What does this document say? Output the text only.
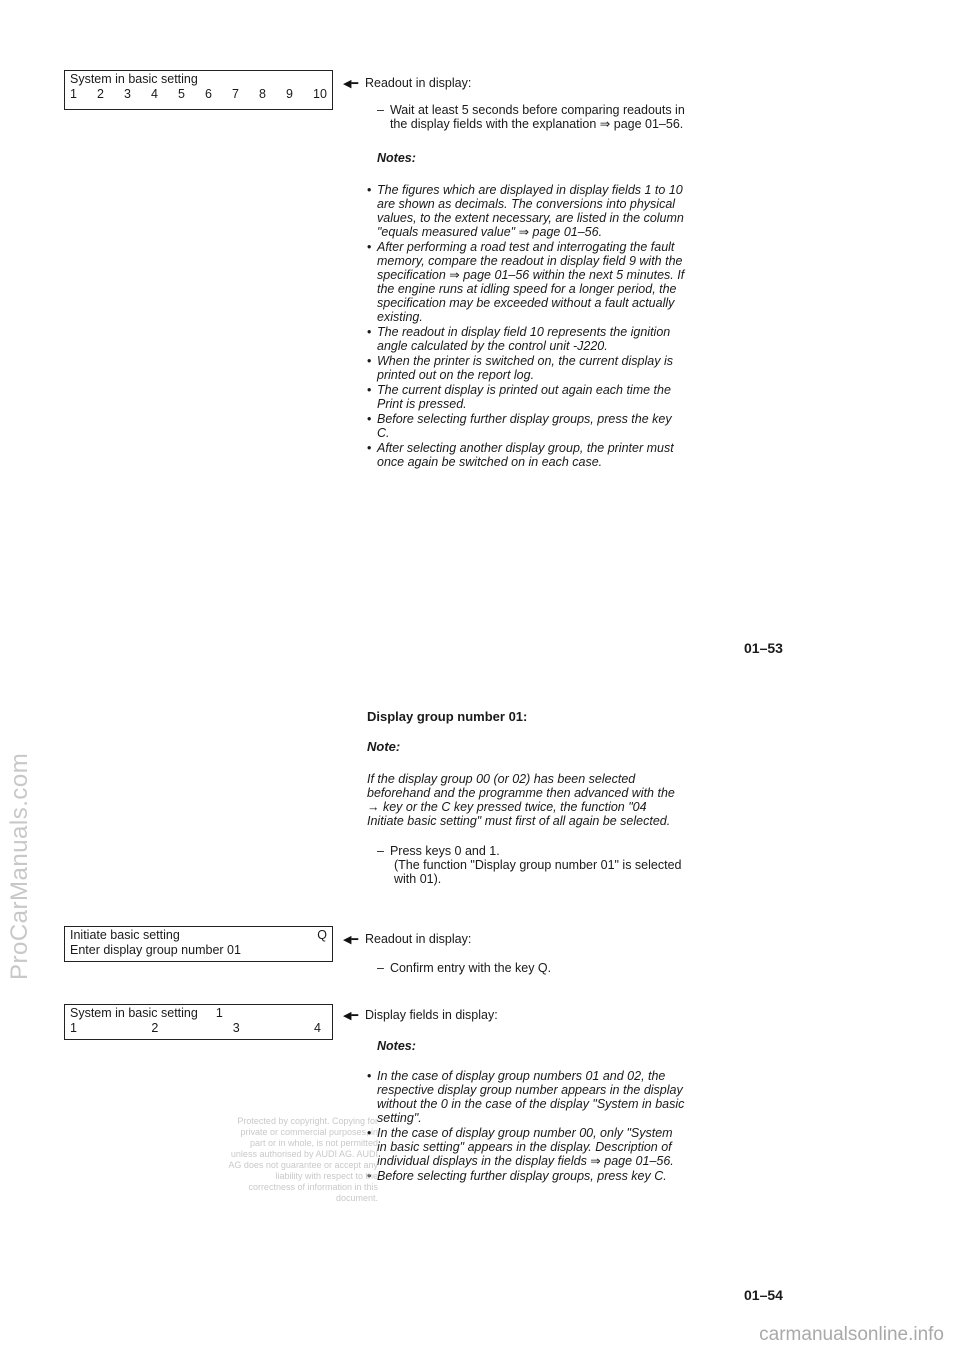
ProCarManuals.com
System in basic setting
1 2 3 4 5 6 7 8 9 10
◀━ Readout in display:
– Wait at least 5 seconds before comparing readouts in the display fields with the explanation ⇒ page 01–56.
Notes:
• The figures which are displayed in display fields 1 to 10 are shown as decimals. The conversions into physical values, to the extent necessary, are listed in the column "equals measured value" ⇒ page 01–56.
• After performing a road test and interrogating the fault memory, compare the readout in display field 9 with the specification ⇒ page 01–56 within the next 5 minutes. If the engine runs at idling speed for a longer period, the specification may be exceeded without a fault actually existing.
• The readout in display field 10 represents the ignition angle calculated by the control unit -J220.
• When the printer is switched on, the current display is printed out on the report log.
• The current display is printed out again each time the Print is pressed.
• Before selecting further display groups, press the key C.
• After selecting another display group, the printer must once again be switched on in each case.
01–53
Display group number 01:
Note:

If the display group 00 (or 02) has been selected beforehand and the programme then advanced with the → key or the C key pressed twice, the function "04 Initiate basic setting" must first of all again be selected.

– Press keys 0 and 1.
(The function "Display group number 01" is selected with 01).
Initiate basic setting	Q
Enter display group number 01
◀━ Readout in display:
– Confirm entry with the key Q.
System in basic setting 1
1	2	3	4
◀━ Display fields in display:
Notes:
• In the case of display group numbers 01 and 02, the respective display group number appears in the display without the 0 in the case of the display "System in basic setting".
• In the case of display group number 00, only "System in basic setting" appears in the display. Description of individual displays in the display fields ⇒ page 01–56.
• Before selecting further display groups, press key C.
Protected by copyright. Copying for private or commercial purposes, in part or in whole, is not permitted unless authorised by AUDI AG. AUDI AG does not guarantee or accept any liability with respect to the correctness of information in this document.
01–54
carmanualsonline.info
